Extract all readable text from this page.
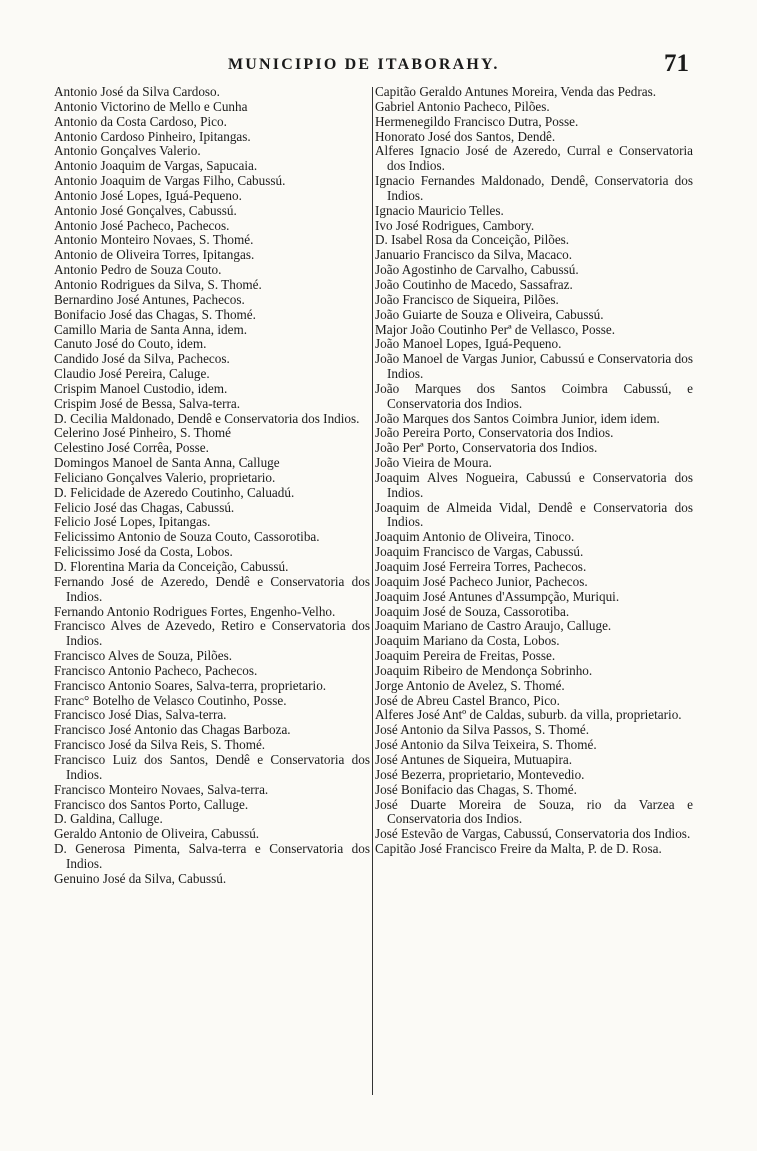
MUNICIPIO DE ITABORAHY.	71
Antonio José da Silva Cardoso.
Antonio Victorino de Mello e Cunha
Antonio da Costa Cardoso, Pico.
Antonio Cardoso Pinheiro, Ipitangas.
Antonio Gonçalves Valerio.
Antonio Joaquim de Vargas, Sapucaia.
Antonio Joaquim de Vargas Filho, Cabussú.
Antonio José Lopes, Iguá-Pequeno.
Antonio José Gonçalves, Cabussú.
Antonio José Pacheco, Pachecos.
Antonio Monteiro Novaes, S. Thomé.
Antonio de Oliveira Torres, Ipitangas.
Antonio Pedro de Souza Couto.
Antonio Rodrigues da Silva, S. Thomé.
Bernardino José Antunes, Pachecos.
Bonifacio José das Chagas, S. Thomé.
Camillo Maria de Santa Anna, idem.
Canuto José do Couto, idem.
Candido José da Silva, Pachecos.
Claudio José Pereira, Caluge.
Crispim Manoel Custodio, idem.
Crispim José de Bessa, Salva-terra.
D. Cecilia Maldonado, Dendê e Conservatoria dos Indios.
Celerino José Pinheiro, S. Thomé
Celestino José Corrêa, Posse.
Domingos Manoel de Santa Anna, Calluge
Feliciano Gonçalves Valerio, proprietario.
D. Felicidade de Azeredo Coutinho, Caluadú.
Felicio José das Chagas, Cabussú.
Felicio José Lopes, Ipitangas.
Felicissimo Antonio de Souza Couto, Cassorotiba.
Felicissimo José da Costa, Lobos.
D. Florentina Maria da Conceição, Cabussú.
Fernando José de Azeredo, Dendê e Conservatoria dos Indios.
Fernando Antonio Rodrigues Fortes, Engenho-Velho.
Francisco Alves de Azevedo, Retiro e Conservatoria dos Indios.
Francisco Alves de Souza, Pilões.
Francisco Antonio Pacheco, Pachecos.
Francisco Antonio Soares, Salva-terra, proprietario.
Franc° Botelho de Velasco Coutinho, Posse.
Francisco José Dias, Salva-terra.
Francisco José Antonio das Chagas Barboza.
Francisco José da Silva Reis, S. Thomé.
Francisco Luiz dos Santos, Dendê e Conservatoria dos Indios.
Francisco Monteiro Novaes, Salva-terra.
Francisco dos Santos Porto, Calluge.
D. Galdina, Calluge.
Geraldo Antonio de Oliveira, Cabussú.
D. Generosa Pimenta, Salva-terra e Conservatoria dos Indios.
Genuino José da Silva, Cabussú.
Capitão Geraldo Antunes Moreira, Venda das Pedras.
Gabriel Antonio Pacheco, Pilões.
Hermenegildo Francisco Dutra, Posse.
Honorato José dos Santos, Dendê.
Alferes Ignacio José de Azeredo, Curral e Conservatoria dos Indios.
Ignacio Fernandes Maldonado, Dendê, Conservatoria dos Indios.
Ignacio Mauricio Telles.
Ivo José Rodrigues, Cambory.
D. Isabel Rosa da Conceição, Pilões.
Januario Francisco da Silva, Macaco.
João Agostinho de Carvalho, Cabussú.
João Coutinho de Macedo, Sassafraz.
João Francisco de Siqueira, Pilões.
João Guiarte de Souza e Oliveira, Cabussú.
Major João Coutinho Perª de Vellasco, Posse.
João Manoel Lopes, Iguá-Pequeno.
João Manoel de Vargas Junior, Cabussú e Conservatoria dos Indios.
João Marques dos Santos Coimbra Cabussú, e Conservatoria dos Indios.
João Marques dos Santos Coimbra Junior, idem idem.
João Pereira Porto, Conservatoria dos Indios.
João Perª Porto, Conservatoria dos Indios.
João Vieira de Moura.
Joaquim Alves Nogueira, Cabussú e Conservatoria dos Indios.
Joaquim de Almeida Vidal, Dendê e Conservatoria dos Indios.
Joaquim Antonio de Oliveira, Tinoco.
Joaquim Francisco de Vargas, Cabussú.
Joaquim José Ferreira Torres, Pachecos.
Joaquim José Pacheco Junior, Pachecos.
Joaquim José Antunes d'Assumpção, Muriqui.
Joaquim José de Souza, Cassorotiba.
Joaquim Mariano de Castro Araujo, Calluge.
Joaquim Mariano da Costa, Lobos.
Joaquim Pereira de Freitas, Posse.
Joaquim Ribeiro de Mendonça Sobrinho.
Jorge Antonio de Avelez, S. Thomé.
José de Abreu Castel Branco, Pico.
Alferes José Antº de Caldas, suburb. da villa, proprietario.
José Antonio da Silva Passos, S. Thomé.
José Antonio da Silva Teixeira, S. Thomé.
José Antunes de Siqueira, Mutuapira.
José Bezerra, proprietario, Montevedio.
José Bonifacio das Chagas, S. Thomé.
José Duarte Moreira de Souza, rio da Varzea e Conservatoria dos Indios.
José Estevão de Vargas, Cabussú, Conservatoria dos Indios.
Capitão José Francisco Freire da Malta, P. de D. Rosa.
